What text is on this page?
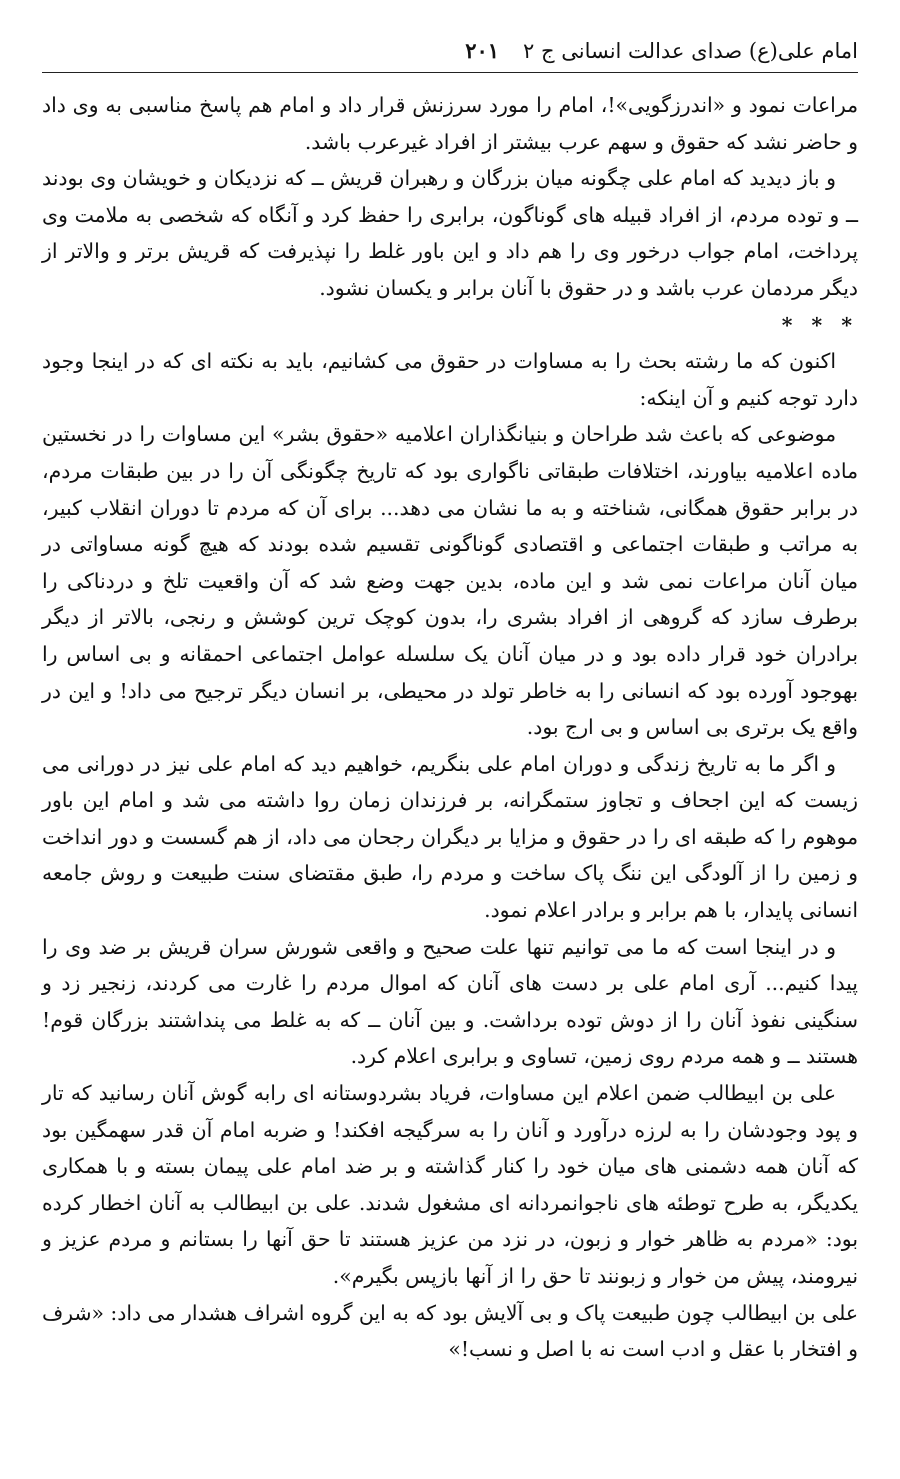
امام علی(ع) صدای عدالت انسانی ج ۲
۲۰۱

مراعات نمود و «اندرزگویی»!، امام را مورد سرزنش قرار داد و امام هم پاسخ مناسبی به وی داد و حاضر نشد که حقوق و سهم عرب بیشتر از افراد غیرعرب باشد.

و باز دیدید که امام علی چگونه میان بزرگان و رهبران قریش ــ که نزدیکان و خویشان وی بودند ــ و توده مردم، از افراد قبیله های گوناگون، برابری را حفظ کرد و آنگاه که شخصی به ملامت وی پرداخت، امام جواب درخور وی را هم داد و این باور غلط را نپذیرفت که قریش برتر و والاتر از دیگر مردمان عرب باشد و در حقوق با آنان برابر و یکسان نشود.

* * *

اکنون که ما رشته بحث را به مساوات در حقوق می کشانیم، باید به نکته ای که در اینجا وجود دارد توجه کنیم و آن اینکه:

موضوعی که باعث شد طراحان و بنیانگذاران اعلامیه «حقوق بشر» این مساوات را در نخستین ماده اعلامیه بیاورند، اختلافات طبقاتی ناگواری بود که تاریخ چگونگی آن را در بین طبقات مردم، در برابر حقوق همگانی، شناخته و به ما نشان می دهد... برای آن که مردم تا دوران انقلاب کبیر، به مراتب و طبقات اجتماعی و اقتصادی گوناگونی تقسیم شده بودند که هیچ گونه مساواتی در میان آنان مراعات نمی شد و این ماده، بدین جهت وضع شد که آن واقعیت تلخ و دردناکی را برطرف سازد که گروهی از افراد بشری را، بدون کوچک ترین کوشش و رنجی، بالاتر از دیگر برادران خود قرار داده بود و در میان آنان یک سلسله عوامل اجتماعی احمقانه و بی اساس را بهوجود آورده بود که انسانی را به خاطر تولد در محیطی، بر انسان دیگر ترجیح می داد! و این در واقع یک برتری بی اساس و بی ارج بود.

و اگر ما به تاریخ زندگی و دوران امام علی بنگریم، خواهیم دید که امام علی نیز در دورانی می زیست که این اجحاف و تجاوز ستمگرانه، بر فرزندان زمان روا داشته می شد و امام این باور موهوم را که طبقه ای را در حقوق و مزایا بر دیگران رجحان می داد، از هم گسست و دور انداخت و زمین را از آلودگی این ننگ پاک ساخت و مردم را، طبق مقتضای سنت طبیعت و روش جامعه انسانی پایدار، با هم برابر و برادر اعلام نمود.

و در اینجا است که ما می توانیم تنها علت صحیح و واقعی شورش سران قریش بر ضد وی را پیدا کنیم... آری امام علی بر دست های آنان که اموال مردم را غارت می کردند، زنجیر زد و سنگینی نفوذ آنان را از دوش توده برداشت. و بین آنان ــ که به غلط می پنداشتند بزرگان قوم! هستند ــ و همه مردم روی زمین، تساوی و برابری اعلام کرد.

علی بن ابیطالب ضمن اعلام این مساوات، فریاد بشردوستانه ای رابه گوش آنان رسانید که تار و پود وجودشان را به لرزه درآورد و آنان را به سرگیجه افکند! و ضربه امام آن قدر سهمگین بود که آنان همه دشمنی های میان خود را کنار گذاشته و بر ضد امام علی پیمان بسته و با همکاری یکدیگر، به طرح توطئه های ناجوانمردانه ای مشغول شدند. علی بن ابیطالب به آنان اخطار کرده بود: «مردم به ظاهر خوار و زبون، در نزد من عزیز هستند تا حق آنها را بستانم و مردم عزیز و نیرومند، پیش من خوار و زبونند تا حق را از آنها بازپس بگیرم».

علی بن ابیطالب چون طبیعت پاک و بی آلایش بود که به این گروه اشراف هشدار می داد: «شرف و افتخار با عقل و ادب است نه با اصل و نسب!»
